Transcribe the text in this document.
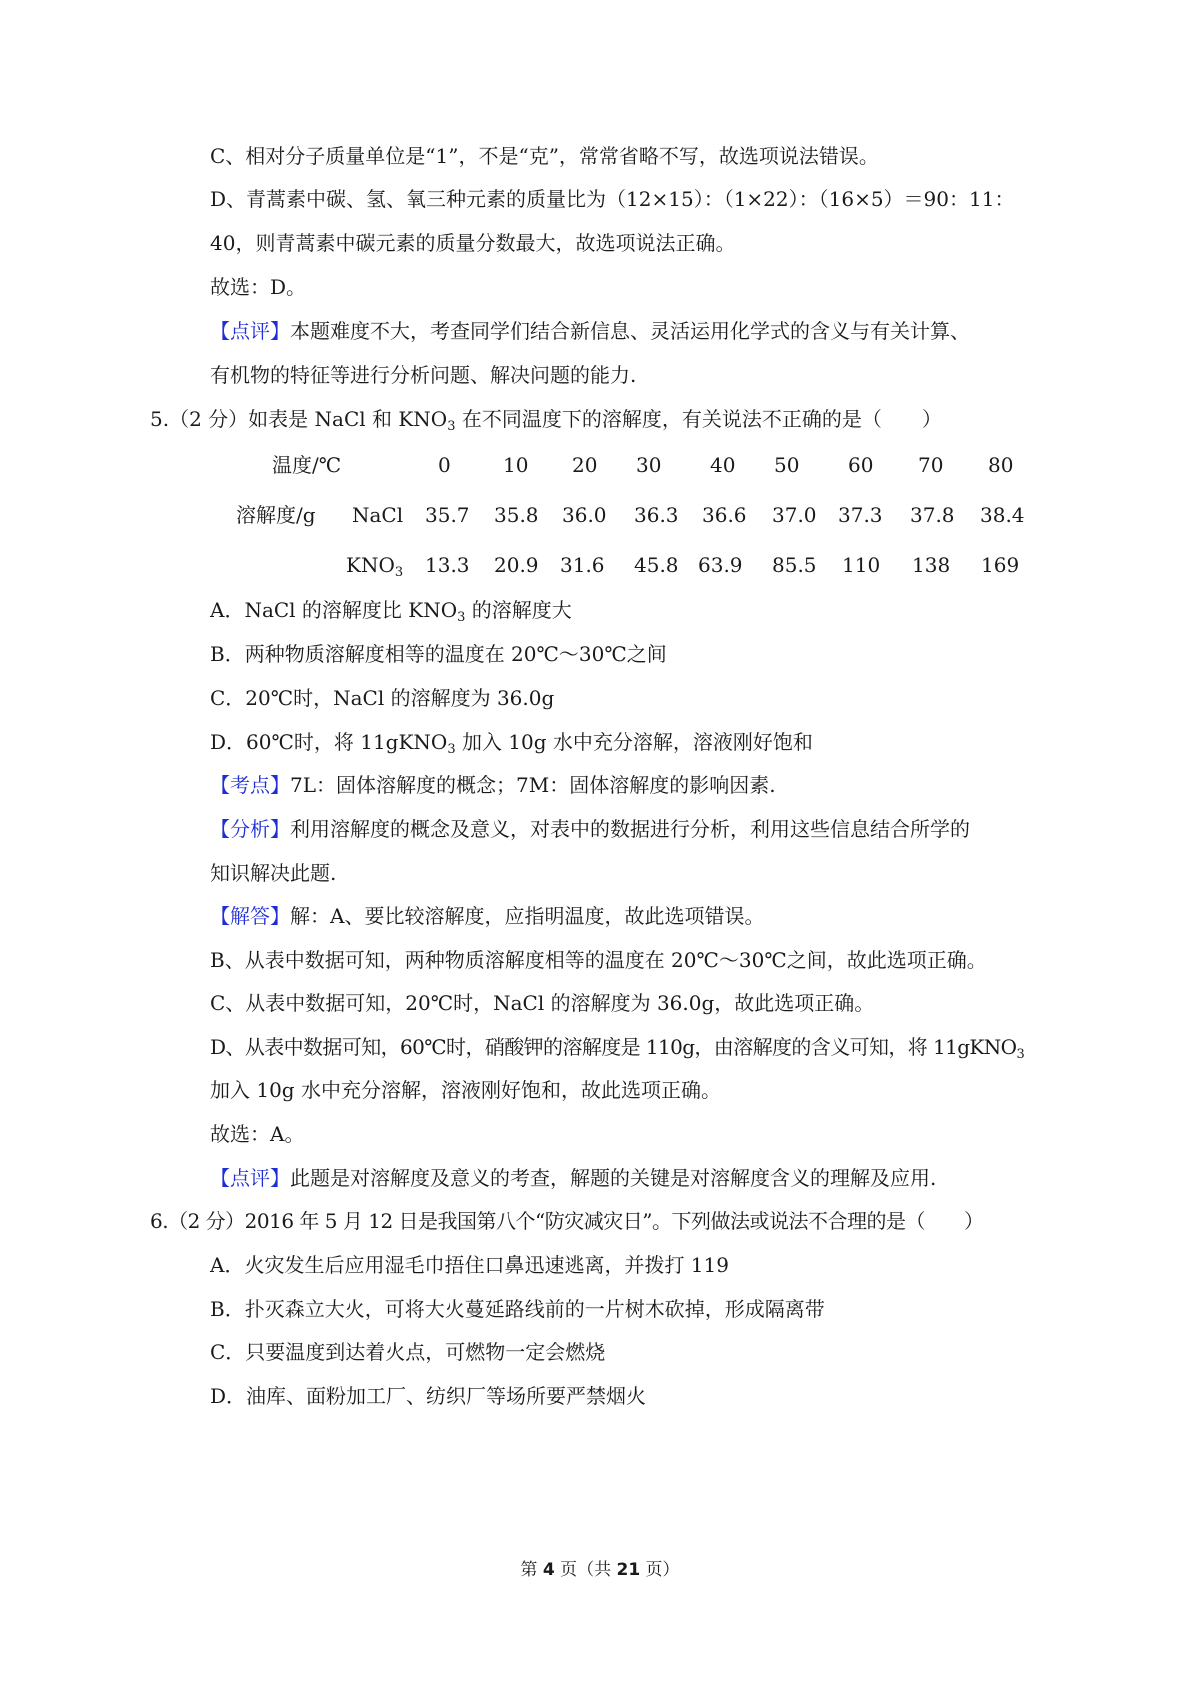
C、相对分子质量单位是“1”，不是“克”，常常省略不写，故选项说法错误。
D、青蒿素中碳、氢、氧三种元素的质量比为（12×15）：（1×22）：（16×5）＝90：11：
40，则青蒿素中碳元素的质量分数最大，故选项说法正确。
故选：D。
【点评】本题难度不大，考查同学们结合新信息、灵活运用化学式的含义与有关计算、
有机物的特征等进行分析问题、解决问题的能力.
5.（2 分）如表是 NaCl 和 $KNO_3$ 在不同温度下的溶解度，有关说法不正确的是（　　）
温度/℃
溶解度/g NaCl
$KNO_3$
0	10 20 30 40 50 60 70 80
35.7 35.8 36.0 36.3 36.6 37.0 37.3 37.8 38.4
13.3 20.9 31.6 45.8 63.9 85.5 110 138 169
A．NaCl 的溶解度比 $KNO_3$ 的溶解度大
B．两种物质溶解度相等的温度在 20℃～30℃之间
C．20℃时，NaCl 的溶解度为 36.0g
D．60℃时，将 11gKNO$_3$ 加入 10g 水中充分溶解，溶液刚好饱和
【考点】7L：固体溶解度的概念；7M：固体溶解度的影响因素.
【分析】利用溶解度的概念及意义，对表中的数据进行分析，利用这些信息结合所学的
知识解决此题.
【解答】解：A、要比较溶解度，应指明温度，故此选项错误。
B、从表中数据可知，两种物质溶解度相等的温度在 20℃～30℃之间，故此选项正确。
C、从表中数据可知，20℃时，NaCl 的溶解度为 36.0g，故此选项正确。
D、从表中数据可知，60℃时，硝酸钾的溶解度是 110g，由溶解度的含义可知，将 11gKNO$_3$
加入 10g 水中充分溶解，溶液刚好饱和，故此选项正确。
故选：A。
【点评】此题是对溶解度及意义的考查，解题的关键是对溶解度含义的理解及应用.
6.（2 分）2016 年 5 月 12 日是我国第八个“防灾减灾日”。下列做法或说法不合理的是（　　）
A．火灾发生后应用湿毛巾捂住口鼻迅速逃离，并拨打 119
B．扑灭森立大火，可将大火蔓延路线前的一片树木砍掉，形成隔离带
C．只要温度到达着火点，可燃物一定会燃烧
D．油库、面粉加工厂、纺织厂等场所要严禁烟火
第 4 页（共 21 页）
